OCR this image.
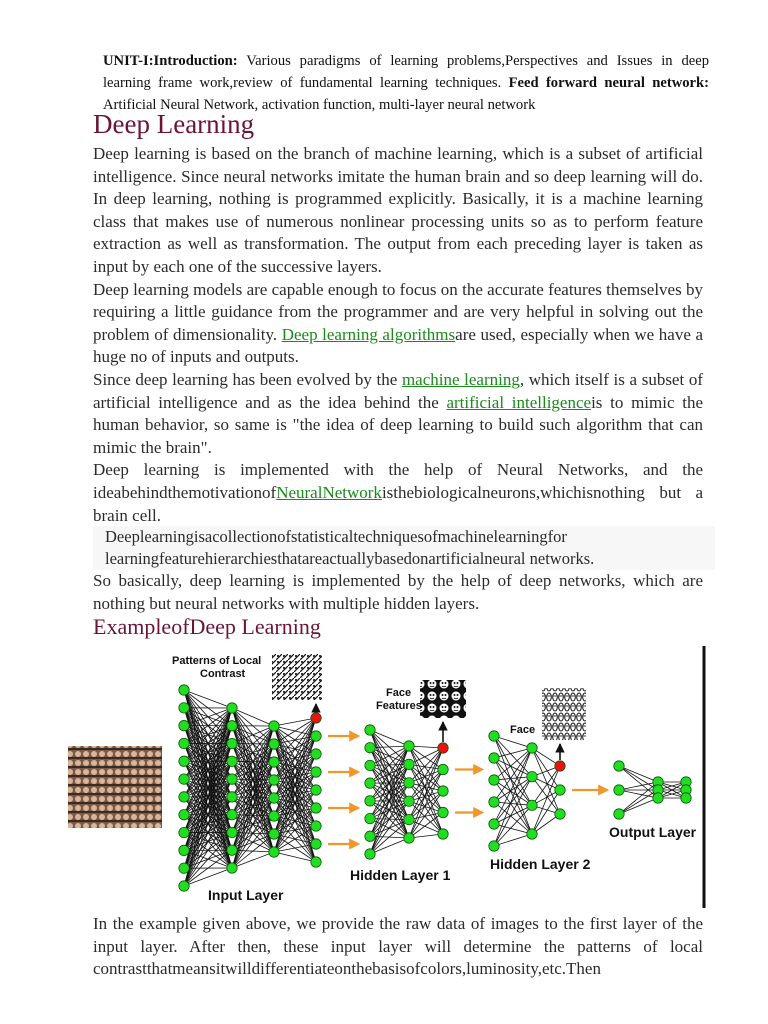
UNIT-I:Introduction: Various paradigms of learning problems,Perspectives and Issues in deep learning frame work,review of fundamental learning techniques. Feed forward neural network: Artificial Neural Network, activation function, multi-layer neural network
Deep Learning

Deep learning is based on the branch of machine learning, which is a subset of artificial intelligence. Since neural networks imitate the human brain and so deep learning will do. In deep learning, nothing is programmed explicitly. Basically, it is a machine learning class that makes use of numerous nonlinear processing units so as to perform feature extraction as well as transformation. The output from each preceding layer is taken as input by each one of the successive layers.

Deep learning models are capable enough to focus on the accurate features themselves by requiring a little guidance from the programmer and are very helpful in solving out the problem of dimensionality. Deep learning algorithmsare used, especially when we have a huge no of inputs and outputs.

Since deep learning has been evolved by the machine learning, which itself is a subset of artificial intelligence and as the idea behind the artificial intelligenceis to mimic the human behavior, so same is "the idea of deep learning to build such algorithm that can mimic the brain".

Deep learning is implemented with the help of Neural Networks, and the ideabehindthemotivationofNeuralNetworkisthebiologicalneurons,whichisnothing but a brain cell.

Deeplearningisacollectionofstatisticaltechniquesofmachinelearningfor

learningfeaturehierarchiesthatareactuallybasedonartificialneural networks.

So basically, deep learning is implemented by the help of deep networks, which are nothing but neural networks with multiple hidden layers.

ExampleofDeep Learning
Patterns of Local
Contrast
Face
Features
Face
Input Layer
Hidden Layer 1
Hidden Layer 2
Output Layer

In the example given above, we provide the raw data of images to the first layer of the input layer. After then, these input layer will determine the patterns of local contrastthatmeansitwilldifferentiateonthebasisofcolors,luminosity,etc.Then
